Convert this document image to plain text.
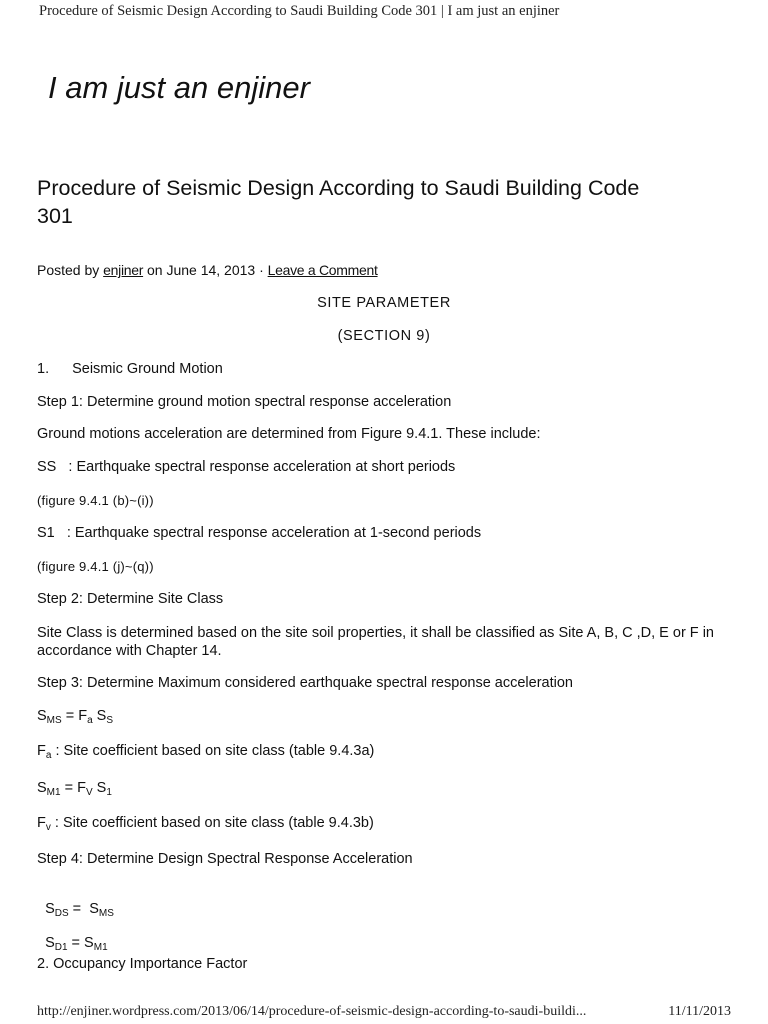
Procedure of Seismic Design According to Saudi Building Code 301 | I am just an enjiner
I am just an enjiner
Procedure of Seismic Design According to Saudi Building Code 301
Posted by enjiner on June 14, 2013 · Leave a Comment
SITE PARAMETER
(SECTION 9)
1. Seismic Ground Motion
Step 1: Determine ground motion spectral response acceleration
Ground motions acceleration are determined from Figure 9.4.1. These include:
SS   : Earthquake spectral response acceleration at short periods
(figure 9.4.1 (b)~(i))
S1   : Earthquake spectral response acceleration at 1-second periods
(figure 9.4.1 (j)~(q))
Step 2: Determine Site Class
Site Class is determined based on the site soil properties, it shall be classified as Site A, B, C ,D, E or F in accordance with Chapter 14.
Step 3: Determine Maximum considered earthquake spectral response acceleration
$S_{MS} = F_a$ $S_S$
$F_a$ : Site coefficient based on site class (table 9.4.3a)
$S_{M1} = F_V$ $S_1$
$F_v$ : Site coefficient based on site class (table 9.4.3b)
Step 4: Determine Design Spectral Response Acceleration

$S_{DS} = S_{MS}$

$S_{D1} = S_{M1}$

2. Occupancy Importance Factor
http://enjiner.wordpress.com/2013/06/14/procedure-of-seismic-design-according-to-saudi-buildi...	11/11/2013
